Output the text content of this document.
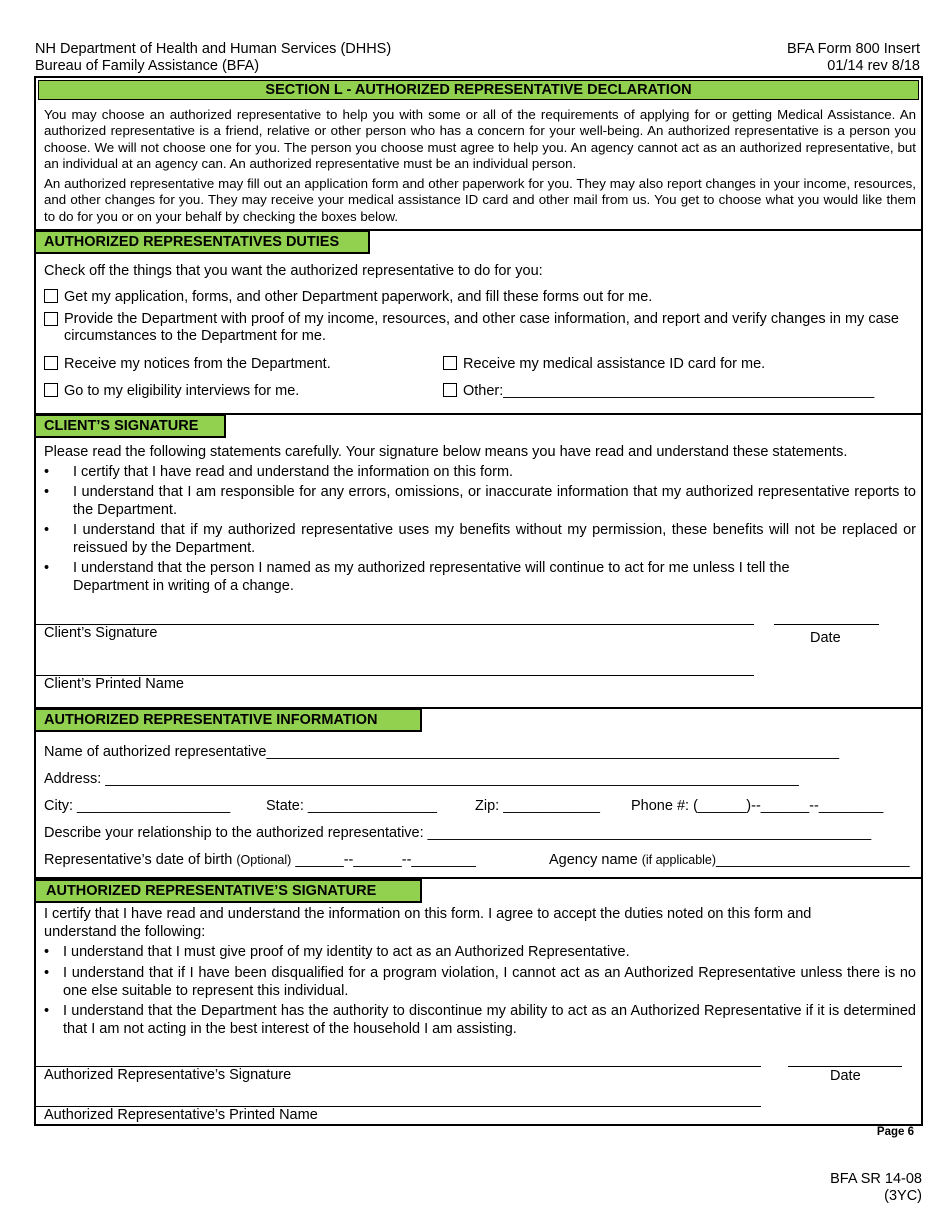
NH Department of Health and Human Services (DHHS)
Bureau of Family Assistance (BFA)
BFA Form 800 Insert
01/14 rev 8/18
SECTION L - AUTHORIZED REPRESENTATIVE DECLARATION

You may choose an authorized representative to help you with some or all of the requirements of applying for or getting Medical Assistance. An authorized representative is a friend, relative or other person who has a concern for your well-being. An authorized representative is a person you choose. We will not choose one for you. The person you choose must agree to help you. An agency cannot act as an authorized representative, but an individual at an agency can. An authorized representative must be an individual person.

An authorized representative may fill out an application form and other paperwork for you. They may also report changes in your income, resources, and other changes for you. They may receive your medical assistance ID card and other mail from us. You get to choose what you would like them to do for you or on your behalf by checking the boxes below.

AUTHORIZED REPRESENTATIVES DUTIES
Check off the things that you want the authorized representative to do for you:
Get my application, forms, and other Department paperwork, and fill these forms out for me.
Provide the Department with proof of my income, resources, and other case information, and report and verify changes in my case circumstances to the Department for me.
Receive my notices from the Department.	Receive my medical assistance ID card for me.
Go to my eligibility interviews for me.	Other:______________________________________________
CLIENT’S SIGNATURE
Please read the following statements carefully. Your signature below means you have read and understand these statements.
•	I certify that I have read and understand the information on this form.
•	I understand that I am responsible for any errors, omissions, or inaccurate information that my authorized representative reports to the Department.
•	I understand that if my authorized representative uses my benefits without my permission, these benefits will not be replaced or reissued by the Department.
•	I understand that the person I named as my authorized representative will continue to act for me unless I tell the Department in writing of a change.
Client’s Signature	Date
Client’s Printed Name
AUTHORIZED REPRESENTATIVE INFORMATION
Name of authorized representative_______________________________________________________________________
Address: ______________________________________________________________________________________
City: ___________________ State: ________________	Zip: ____________ Phone #: (______)--______--________
Describe your relationship to the authorized representative: _______________________________________________________
Representative’s date of birth (Optional) ______--______--________	Agency name (if applicable)________________________
AUTHORIZED REPRESENTATIVE’S SIGNATURE
I certify that I have read and understand the information on this form. I agree to accept the duties noted on this form and understand the following:
• I understand that I must give proof of my identity to act as an Authorized Representative.
• I understand that if I have been disqualified for a program violation, I cannot act as an Authorized Representative unless there is no one else suitable to represent this individual.
• I understand that the Department has the authority to discontinue my ability to act as an Authorized Representative if it is determined that I am not acting in the best interest of the household I am assisting.
Authorized Representative’s Signature	Date
Authorized Representative’s Printed Name
Page 6
BFA SR 14-08
(3YC)
